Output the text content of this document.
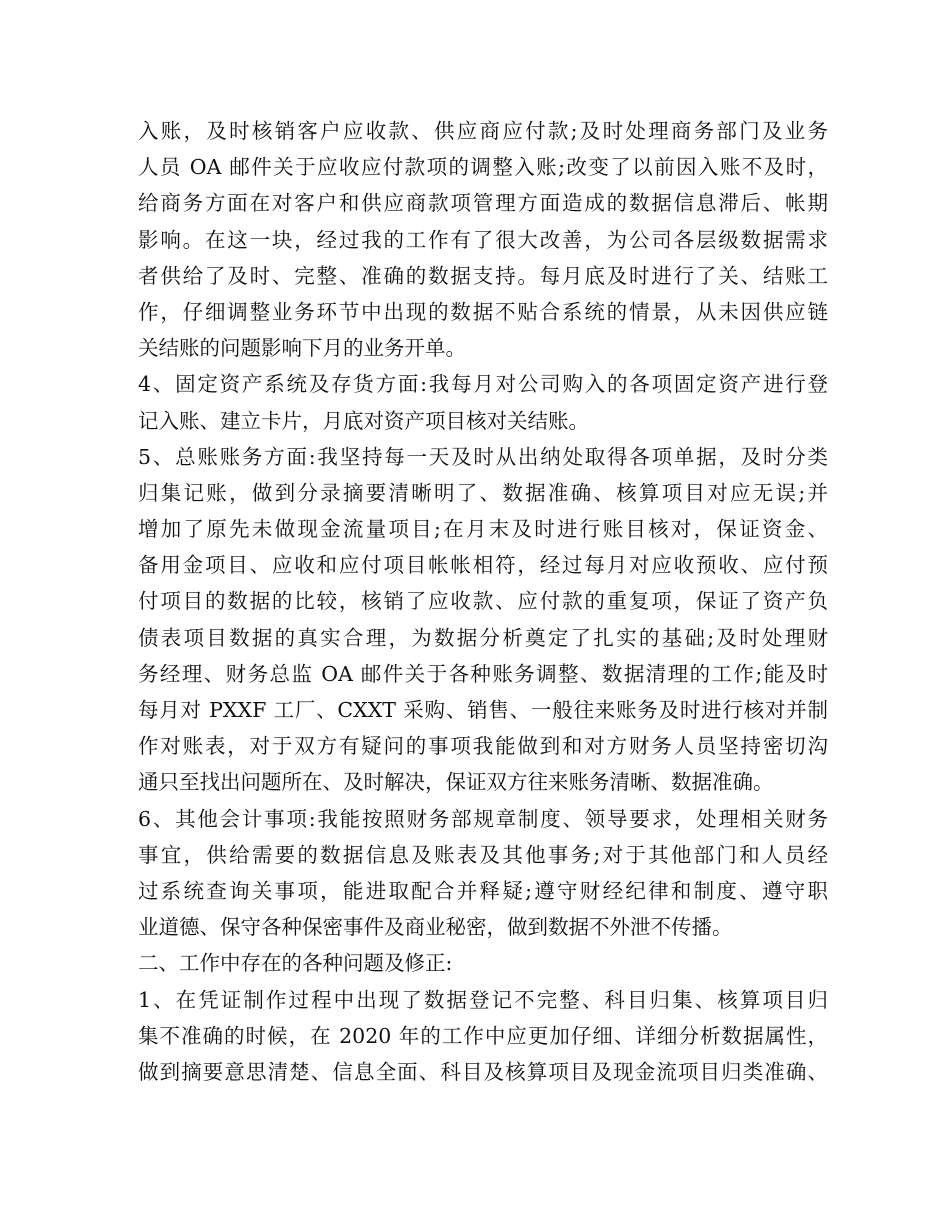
入账，及时核销客户应收款、供应商应付款;及时处理商务部门及业务
人员 OA 邮件关于应收应付款项的调整入账;改变了以前因入账不及时，
给商务方面在对客户和供应商款项管理方面造成的数据信息滞后、帐期
影响。在这一块，经过我的工作有了很大改善，为公司各层级数据需求
者供给了及时、完整、准确的数据支持。每月底及时进行了关、结账工
作，仔细调整业务环节中出现的数据不贴合系统的情景，从未因供应链
关结账的问题影响下月的业务开单。
4、固定资产系统及存货方面:我每月对公司购入的各项固定资产进行登
记入账、建立卡片，月底对资产项目核对关结账。
5、总账账务方面:我坚持每一天及时从出纳处取得各项单据，及时分类
归集记账，做到分录摘要清晰明了、数据准确、核算项目对应无误;并
增加了原先未做现金流量项目;在月末及时进行账目核对，保证资金、
备用金项目、应收和应付项目帐帐相符，经过每月对应收预收、应付预
付项目的数据的比较，核销了应收款、应付款的重复项，保证了资产负
债表项目数据的真实合理，为数据分析奠定了扎实的基础;及时处理财
务经理、财务总监 OA 邮件关于各种账务调整、数据清理的工作;能及时
每月对 PXXF 工厂、CXXT 采购、销售、一般往来账务及时进行核对并制
作对账表，对于双方有疑问的事项我能做到和对方财务人员坚持密切沟
通只至找出问题所在、及时解决，保证双方往来账务清晰、数据准确。
6、其他会计事项:我能按照财务部规章制度、领导要求，处理相关财务
事宜，供给需要的数据信息及账表及其他事务;对于其他部门和人员经
过系统查询关事项，能进取配合并释疑;遵守财经纪律和制度、遵守职
业道德、保守各种保密事件及商业秘密，做到数据不外泄不传播。
二、工作中存在的各种问题及修正:
1、在凭证制作过程中出现了数据登记不完整、科目归集、核算项目归
集不准确的时候，在 2020 年的工作中应更加仔细、详细分析数据属性，
做到摘要意思清楚、信息全面、科目及核算项目及现金流项目归类准确、
